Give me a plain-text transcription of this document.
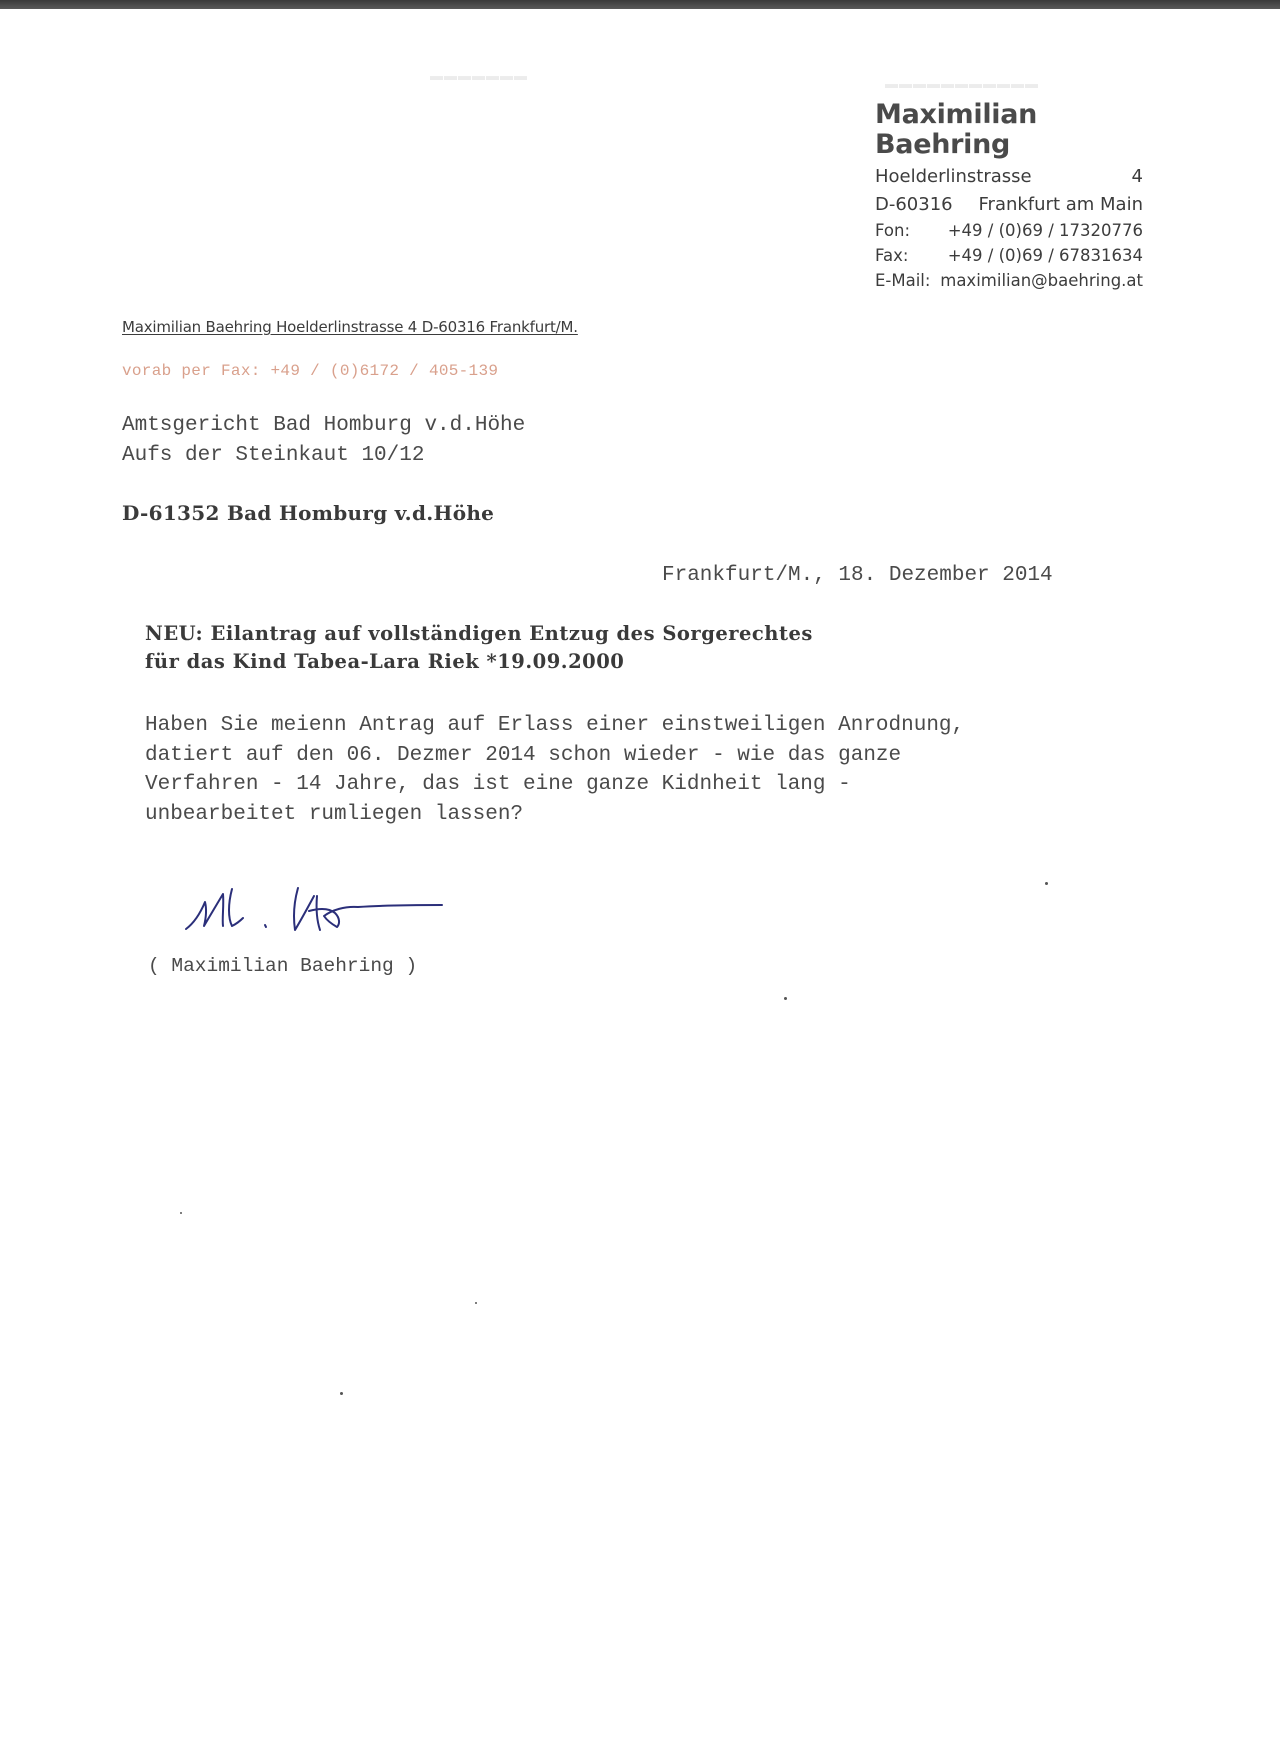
▬▬▬▬▬▬▬
▬▬▬▬▬▬▬▬▬▬▬
Maximilian Baehring
Hoelderlinstrasse	4
D-60316 Frankfurt am Main
Fon:	+49 / (0)69 / 17320776
Fax:	+49 / (0)69 / 67831634
E-Mail: maximilian@baehring.at
Maximilian Baehring Hoelderlinstrasse 4 D-60316 Frankfurt/M.
vorab per Fax: +49 / (0)6172 / 405-139
Amtsgericht Bad Homburg v.d.Höhe
Aufs der Steinkaut 10/12
D-61352 Bad Homburg v.d.Höhe
Frankfurt/M., 18. Dezember 2014
NEU: Eilantrag auf vollständigen Entzug des Sorgerechtes
für das Kind Tabea-Lara Riek *19.09.2000
Haben Sie meienn Antrag auf Erlass einer einstweiligen Anrodnung,
datiert auf den 06. Dezmer 2014 schon wieder - wie das ganze
Verfahren - 14 Jahre, das ist eine ganze Kidnheit lang -
unbearbeitet rumliegen lassen?
( Maximilian Baehring )
